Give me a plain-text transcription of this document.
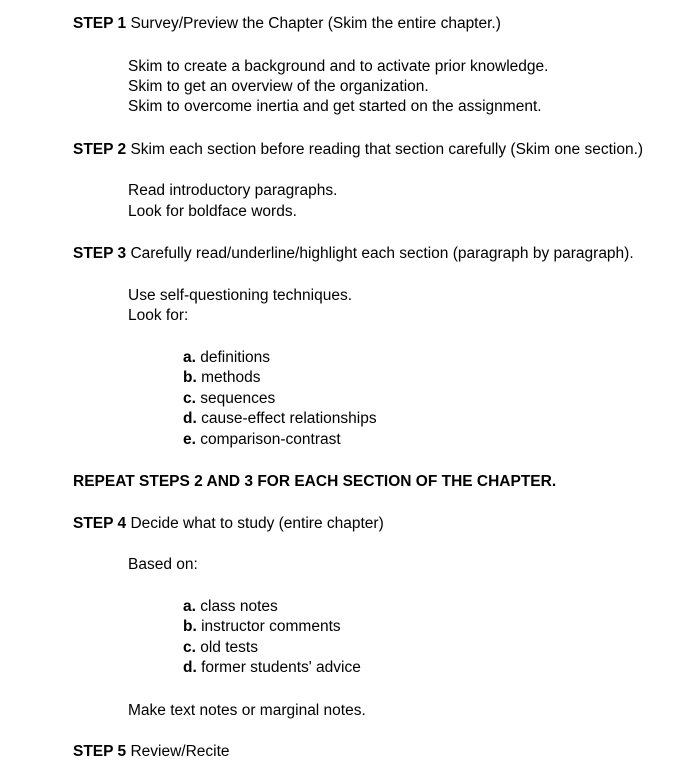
STEP 1 Survey/Preview the Chapter (Skim the entire chapter.)
Skim to create a background and to activate prior knowledge.
Skim to get an overview of the organization.
Skim to overcome inertia and get started on the assignment.
STEP 2 Skim each section before reading that section carefully (Skim one section.)
Read introductory paragraphs.
Look for boldface words.
STEP 3 Carefully read/underline/highlight each section (paragraph by paragraph).
Use self-questioning techniques.
Look for:
a. definitions
b. methods
c. sequences
d. cause-effect relationships
e. comparison-contrast
REPEAT STEPS 2 AND 3 FOR EACH SECTION OF THE CHAPTER.
STEP 4 Decide what to study (entire chapter)
Based on:
a. class notes
b. instructor comments
c. old tests
d. former students' advice
Make text notes or marginal notes.
STEP 5 Review/Recite
